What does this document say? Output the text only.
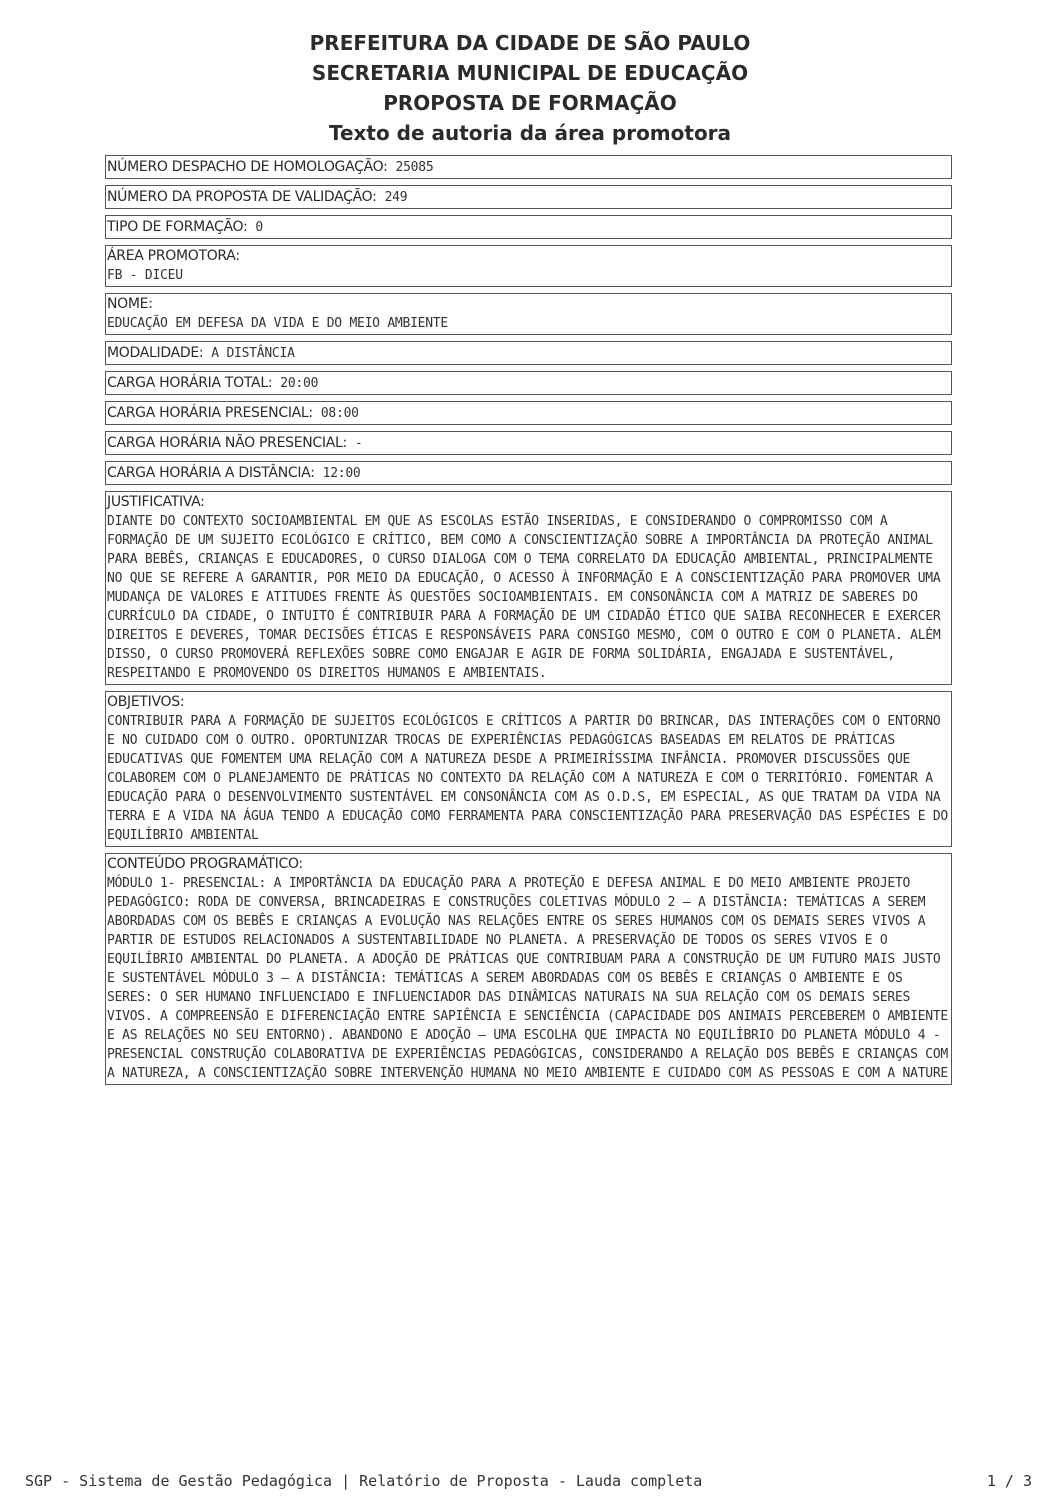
PREFEITURA DA CIDADE DE SÃO PAULO
SECRETARIA MUNICIPAL DE EDUCAÇÃO
PROPOSTA DE FORMAÇÃO
Texto de autoria da área promotora
NÚMERO DESPACHO DE HOMOLOGAÇÃO: 25085
NÚMERO DA PROPOSTA DE VALIDAÇÃO: 249
TIPO DE FORMAÇÃO: 0
ÁREA PROMOTORA:
FB - DICEU
NOME:
EDUCAÇÃO EM DEFESA DA VIDA E DO MEIO AMBIENTE
MODALIDADE: A DISTÂNCIA
CARGA HORÁRIA TOTAL: 20:00
CARGA HORÁRIA PRESENCIAL: 08:00
CARGA HORÁRIA NÃO PRESENCIAL: -
CARGA HORÁRIA A DISTÂNCIA: 12:00
JUSTIFICATIVA:
DIANTE DO CONTEXTO SOCIOAMBIENTAL EM QUE AS ESCOLAS ESTÃO INSERIDAS, E CONSIDERANDO O COMPROMISSO COM A FORMAÇÃO DE UM SUJEITO ECOLÓGICO E CRÍTICO, BEM COMO A CONSCIENTIZAÇÃO SOBRE A IMPORTÂNCIA DA PROTEÇÃO ANIMAL PARA BEBÊS, CRIANÇAS E EDUCADORES, O CURSO DIALOGA COM O TEMA CORRELATO DA EDUCAÇÃO AMBIENTAL, PRINCIPALMENTE NO QUE SE REFERE A GARANTIR, POR MEIO DA EDUCAÇÃO, O ACESSO À INFORMAÇÃO E A CONSCIENTIZAÇÃO PARA PROMOVER UMA MUDANÇA DE VALORES E ATITUDES FRENTE ÀS QUESTÕES SOCIOAMBIENTAIS. EM CONSONÂNCIA COM A MATRIZ DE SABERES DO CURRÍCULO DA CIDADE, O INTUITO É CONTRIBUIR PARA A FORMAÇÃO DE UM CIDADÃO ÉTICO QUE SAIBA RECONHECER E EXERCER DIREITOS E DEVERES, TOMAR DECISÕES ÉTICAS E RESPONSÁVEIS PARA CONSIGO MESMO, COM O OUTRO E COM O PLANETA. ALÉM DISSO, O CURSO PROMOVERÁ REFLEXÕES SOBRE COMO ENGAJAR E AGIR DE FORMA SOLIDÁRIA, ENGAJADA E SUSTENTÁVEL, RESPEITANDO E PROMOVENDO OS DIREITOS HUMANOS E AMBIENTAIS.
OBJETIVOS:
CONTRIBUIR PARA A FORMAÇÃO DE SUJEITOS ECOLÓGICOS E CRÍTICOS A PARTIR DO BRINCAR, DAS INTERAÇÕES COM O ENTORNO E NO CUIDADO COM O OUTRO. OPORTUNIZAR TROCAS DE EXPERIÊNCIAS PEDAGÓGICAS BASEADAS EM RELATOS DE PRÁTICAS EDUCATIVAS QUE FOMENTEM UMA RELAÇÃO COM A NATUREZA DESDE A PRIMEIRÍSSIMA INFÂNCIA. PROMOVER DISCUSSÕES QUE COLABOREM COM O PLANEJAMENTO DE PRÁTICAS NO CONTEXTO DA RELAÇÃO COM A NATUREZA E COM O TERRITÓRIO. FOMENTAR A EDUCAÇÃO PARA O DESENVOLVIMENTO SUSTENTÁVEL EM CONSONÂNCIA COM AS O.D.S, EM ESPECIAL, AS QUE TRATAM DA VIDA NA TERRA E A VIDA NA ÁGUA TENDO A EDUCAÇÃO COMO FERRAMENTA PARA CONSCIENTIZAÇÃO PARA PRESERVAÇÃO DAS ESPÉCIES E DO EQUILÍBRIO AMBIENTAL
CONTEÚDO PROGRAMÁTICO:
MÓDULO 1- PRESENCIAL: A IMPORTÂNCIA DA EDUCAÇÃO PARA A PROTEÇÃO E DEFESA ANIMAL E DO MEIO AMBIENTE PROJETO PEDAGÓGICO: RODA DE CONVERSA, BRINCADEIRAS E CONSTRUÇÕES COLETIVAS MÓDULO 2 — A DISTÂNCIA: TEMÁTICAS A SEREM ABORDADAS COM OS BEBÊS E CRIANÇAS A EVOLUÇÃO NAS RELAÇÕES ENTRE OS SERES HUMANOS COM OS DEMAIS SERES VIVOS A PARTIR DE ESTUDOS RELACIONADOS A SUSTENTABILIDADE NO PLANETA. A PRESERVAÇÃO DE TODOS OS SERES VIVOS E O EQUILÍBRIO AMBIENTAL DO PLANETA. A ADOÇÃO DE PRÁTICAS QUE CONTRIBUAM PARA A CONSTRUÇÃO DE UM FUTURO MAIS JUSTO E SUSTENTÁVEL MÓDULO 3 — A DISTÂNCIA: TEMÁTICAS A SEREM ABORDADAS COM OS BEBÊS E CRIANÇAS O AMBIENTE E OS SERES: O SER HUMANO INFLUENCIADO E INFLUENCIADOR DAS DINÂMICAS NATURAIS NA SUA RELAÇÃO COM OS DEMAIS SERES VIVOS. A COMPREENSÃO E DIFERENCIAÇÃO ENTRE SAPIÊNCIA E SENCIÊNCIA (CAPACIDADE DOS ANIMAIS PERCEBEREM O AMBIENTE E AS RELAÇÕES NO SEU ENTORNO). ABANDONO E ADOÇÃO — UMA ESCOLHA QUE IMPACTA NO EQUILÍBRIO DO PLANETA MÓDULO 4 - PRESENCIAL CONSTRUÇÃO COLABORATIVA DE EXPERIÊNCIAS PEDAGÓGICAS, CONSIDERANDO A RELAÇÃO DOS BEBÊS E CRIANÇAS COM A NATUREZA, A CONSCIENTIZAÇÃO SOBRE INTERVENÇÃO HUMANA NO MEIO AMBIENTE E CUIDADO COM AS PESSOAS E COM A NATURE
SGP - Sistema de Gestão Pedagógica | Relatório de Proposta - Lauda completa	1 / 3
